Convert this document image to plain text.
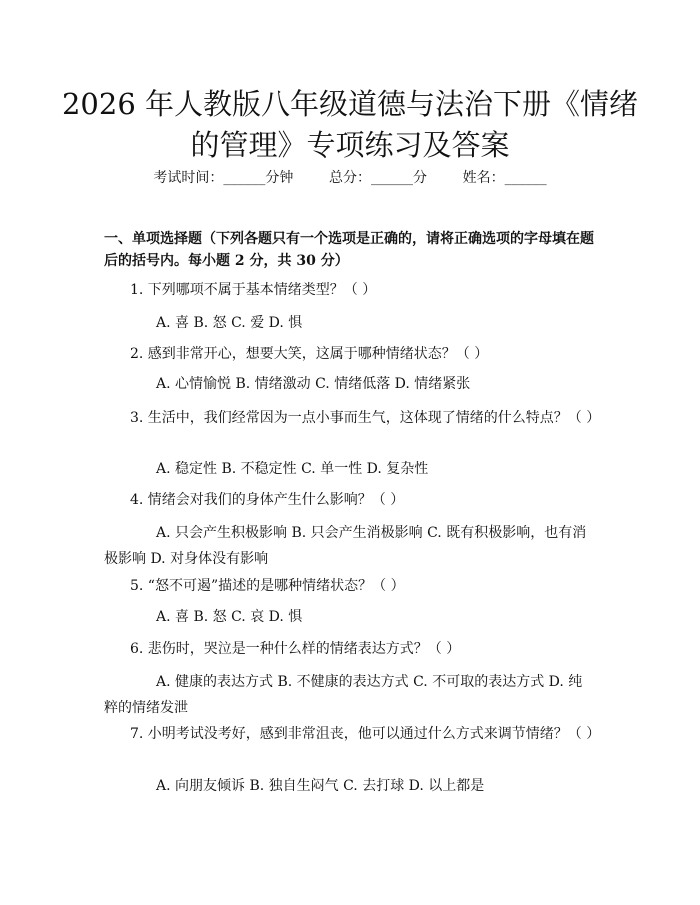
2026 年人教版八年级道德与法治下册《情绪
的管理》专项练习及答案
考试时间：______分钟	总分：______分	姓名：______
一、单项选择题（下列各题只有一个选项是正确的，请将正确选项的字母填在题后的括号内。每小题 2 分，共 30 分）
1. 下列哪项不属于基本情绪类型？（ ）
A. 喜 B. 怒 C. 爱 D. 惧
2. 感到非常开心，想要大笑，这属于哪种情绪状态？（ ）
A. 心情愉悦 B. 情绪激动 C. 情绪低落 D. 情绪紧张
3. 生活中，我们经常因为一点小事而生气，这体现了情绪的什么特点？（ ）
A. 稳定性 B. 不稳定性 C. 单一性 D. 复杂性
4. 情绪会对我们的身体产生什么影响？（ ）
A. 只会产生积极影响 B. 只会产生消极影响 C. 既有积极影响，也有消极影响 D. 对身体没有影响
5. “怒不可遏”描述的是哪种情绪状态？（ ）
A. 喜 B. 怒 C. 哀 D. 惧
6. 悲伤时，哭泣是一种什么样的情绪表达方式？（ ）
A. 健康的表达方式 B. 不健康的表达方式 C. 不可取的表达方式 D. 纯粹的情绪发泄
7. 小明考试没考好，感到非常沮丧，他可以通过什么方式来调节情绪？（ ）
A. 向朋友倾诉 B. 独自生闷气 C. 去打球 D. 以上都是
